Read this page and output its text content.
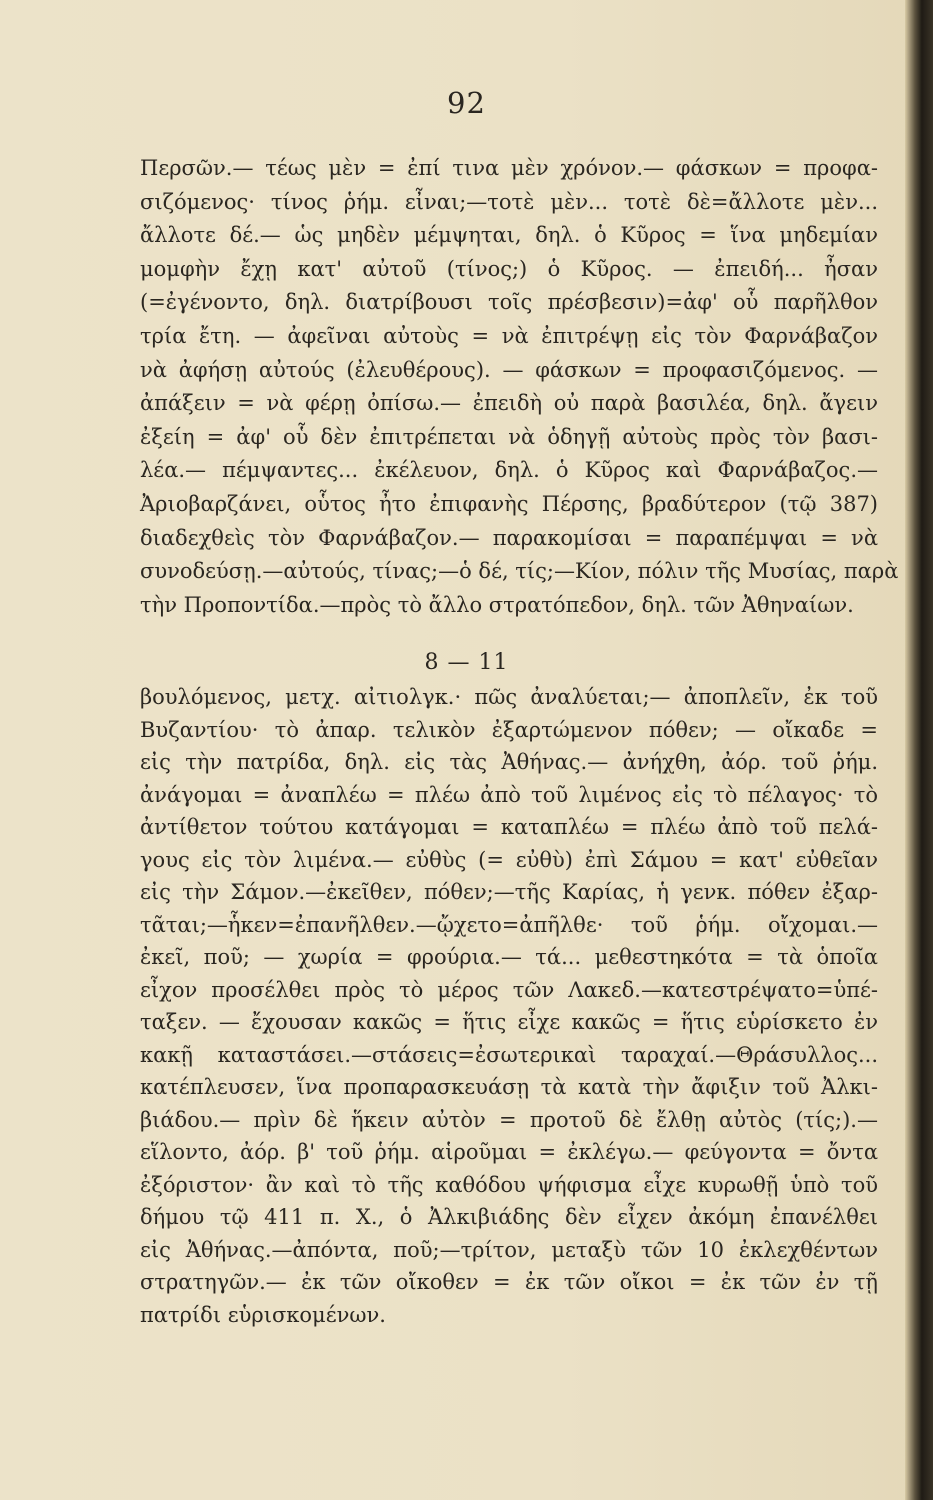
92
Περσῶν.— τέως μὲν = ἐπί τινα μὲν χρόνον.— φάσκων = προφα-
σιζόμενος· τίνος ῥήμ. εἶναι;—τοτὲ μὲν... τοτὲ δὲ=ἄλλοτε μὲν...
ἄλλοτε δέ.— ὡς μηδὲν μέμψηται, δηλ. ὁ Κῦρος = ἵνα μηδεμίαν
μομφὴν ἔχῃ κατ' αὐτοῦ (τίνος;) ὁ Κῦρος. — ἐπειδή... ἦσαν
(=ἐγένοντο, δηλ. διατρίβουσι τοῖς πρέσβεσιν)=ἀφ' οὗ παρῆλθον
τρία ἔτη. — ἀφεῖναι αὐτοὺς = νὰ ἐπιτρέψῃ εἰς τὸν Φαρνάβαζον
νὰ ἀφήσῃ αὐτούς (ἐλευθέρους). — φάσκων = προφασιζόμενος. —
ἀπάξειν = νὰ φέρῃ ὀπίσω.— ἐπειδὴ οὐ παρὰ βασιλέα, δηλ. ἄγειν
ἐξείη = ἀφ' οὗ δὲν ἐπιτρέπεται νὰ ὁδηγῇ αὐτοὺς πρὸς τὸν βασι-
λέα.— πέμψαντες... ἐκέλευον, δηλ. ὁ Κῦρος καὶ Φαρνάβαζος.—
Ἀριοβαρζάνει, οὗτος ἦτο ἐπιφανὴς Πέρσης, βραδύτερον (τῷ 387)
διαδεχθεὶς τὸν Φαρνάβαζον.— παρακομίσαι = παραπέμψαι = νὰ
συνοδεύσῃ.—αὐτούς, τίνας;—ὁ δέ, τίς;—Κίον, πόλιν τῆς Μυσίας, παρὰ
τὴν Προποντίδα.—πρὸς τὸ ἄλλο στρατόπεδον, δηλ. τῶν Ἀθηναίων.
8 — 11
βουλόμενος, μετχ. αἰτιολγκ.· πῶς ἀναλύεται;— ἀποπλεῖν, ἐκ τοῦ
Βυζαντίου· τὸ ἀπαρ. τελικὸν ἐξαρτώμενον πόθεν; — οἴκαδε =
εἰς τὴν πατρίδα, δηλ. εἰς τὰς Ἀθήνας.— ἀνήχθη, ἀόρ. τοῦ ῥήμ.
ἀνάγομαι = ἀναπλέω = πλέω ἀπὸ τοῦ λιμένος εἰς τὸ πέλαγος· τὸ
ἀντίθετον τούτου κατάγομαι = καταπλέω = πλέω ἀπὸ τοῦ πελά-
γους εἰς τὸν λιμένα.— εὐθὺς (= εὐθὺ) ἐπὶ Σάμου = κατ' εὐθεῖαν
εἰς τὴν Σάμον.—ἐκεῖθεν, πόθεν;—τῆς Καρίας, ἡ γενκ. πόθεν ἐξαρ-
τᾶται;—ἧκεν=ἐπανῆλθεν.—ᾤχετο=ἀπῆλθε· τοῦ ῥήμ. οἴχομαι.—
ἐκεῖ, ποῦ; — χωρία = φρούρια.— τά... μεθεστηκότα = τὰ ὁποῖα
εἶχον προσέλθει πρὸς τὸ μέρος τῶν Λακεδ.—κατεστρέψατο=ὑπέ-
ταξεν. — ἔχουσαν κακῶς = ἥτις εἶχε κακῶς = ἥτις εὑρίσκετο ἐν
κακῇ καταστάσει.—στάσεις=ἐσωτερικαὶ ταραχαί.—Θράσυλλος...
κατέπλευσεν, ἵνα προπαρασκευάσῃ τὰ κατὰ τὴν ἄφιξιν τοῦ Ἀλκι-
βιάδου.— πρὶν δὲ ἥκειν αὐτὸν = προτοῦ δὲ ἔλθῃ αὐτὸς (τίς;).—
εἵλοντο, ἀόρ. β' τοῦ ῥήμ. αἱροῦμαι = ἐκλέγω.— φεύγοντα = ὄντα
ἐξόριστον· ἂν καὶ τὸ τῆς καθόδου ψήφισμα εἶχε κυρωθῇ ὑπὸ τοῦ
δήμου τῷ 411 π. Χ., ὁ Ἀλκιβιάδης δὲν εἶχεν ἀκόμη ἐπανέλθει
εἰς Ἀθήνας.—ἀπόντα, ποῦ;—τρίτον, μεταξὺ τῶν 10 ἐκλεχθέντων
στρατηγῶν.— ἐκ τῶν οἴκοθεν = ἐκ τῶν οἴκοι = ἐκ τῶν ἐν τῇ
πατρίδι εὑρισκομένων.
